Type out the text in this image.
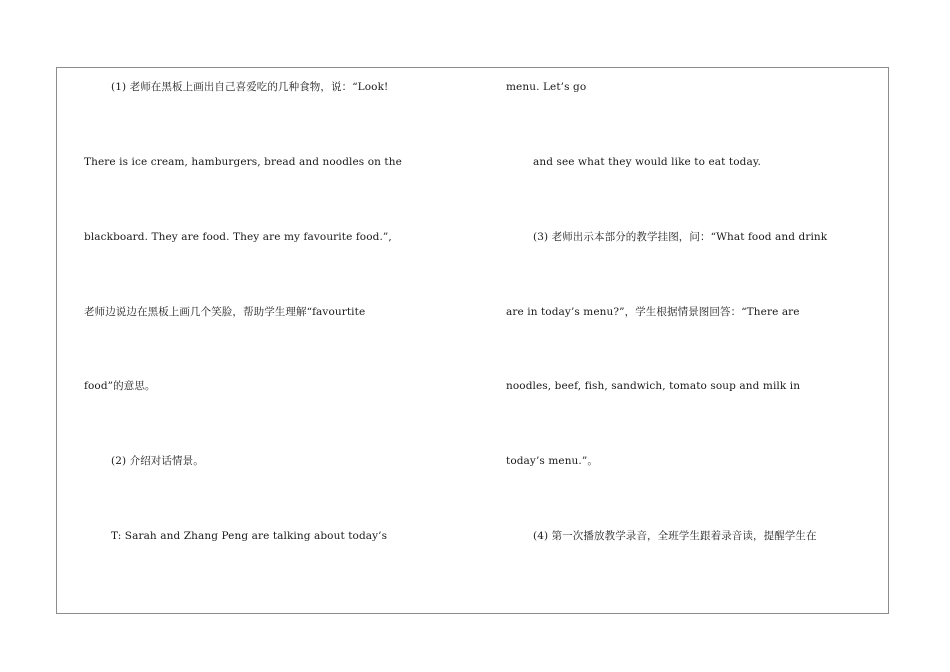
(1) 老师在黑板上画出自己喜爱吃的几种食物，说：“Look!
There is ice cream, hamburgers, bread and noodles on the
blackboard. They are food. They are my favourite food.”,
老师边说边在黑板上画几个笑脸，帮助学生理解“favourtite
food”的意思。
(2) 介绍对话情景。
T: Sarah and Zhang Peng are talking about today’s
menu. Let’s go
and see what they would like to eat today.
(3) 老师出示本部分的教学挂图，问：“What food and drink
are in today’s menu?”，学生根据情景图回答：“There are
noodles, beef, fish, sandwich, tomato soup and milk in
today’s menu.”。
(4) 第一次播放教学录音，全班学生跟着录音读，提醒学生在
